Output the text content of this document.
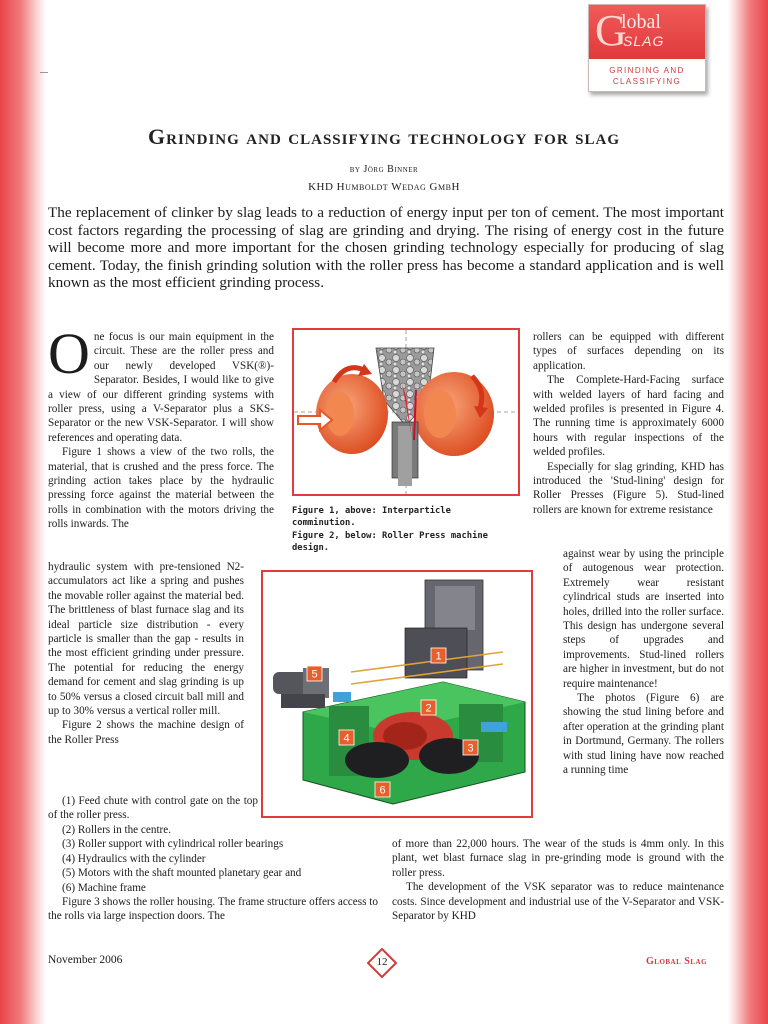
G
lobal
SLAG
GRINDING AND
CLASSIFYING
Grinding and classifying technology for slag
by Jörg Binner
KHD Humboldt Wedag GmbH
The replacement of clinker by slag leads to a reduction of energy input per ton of cement. The most important cost factors regarding the processing of slag are grinding and drying. The rising of energy cost in the future will become more and more important for the chosen grinding technology especially for producing of slag cement. Today, the finish grinding solution with the roller press has become a standard application and is well known as the most efficient grinding process.

One focus is our main equipment in the circuit. These are the roller press and our newly developed VSK(®)-Separator. Besides, I would like to give a view of our different grinding systems with roller press, using a V-Separator plus a SKS-Separator or the new VSK-Separator. I will show references and operating data.

Figure 1 shows a view of the two rolls, the material, that is crushed and the press force. The grinding action takes place by the hydraulic pressing force against the material between the rolls in combination with the motors driving the rolls inwards. The

hydraulic system with pre-tensioned N2-accumulators act like a spring and pushes the movable roller against the material bed. The brittleness of blast furnace slag and its ideal particle size distribution - every particle is smaller than the gap - results in the most efficient grinding under pressure. The potential for reducing the energy demand for cement and slag grinding is up to 50% versus a closed circuit ball mill and up to 30% versus a vertical roller mill.

Figure 2 shows the machine design of the Roller Press

(1) Feed chute with control gate on the top of the roller press.

(2) Rollers in the centre.

(3) Roller support with cylindrical roller bearings

(4) Hydraulics with the cylinder

(5) Motors with the shaft mounted planetary gear and

(6) Machine frame

Figure 3 shows the roller housing. The frame structure offers access to the rolls via large inspection doors. The

of more than 22,000 hours. The wear of the studs is 4mm only. In this plant, wet blast furnace slag in pre-grinding mode is ground with the roller press.

The development of the VSK separator was to reduce maintenance costs. Since development and industrial use of the V-Separator and VSK-Separator by KHD

rollers can be equipped with different types of surfaces depending on its application.

The Complete-Hard-Facing surface with welded layers of hard facing and welded profiles is presented in Figure 4. The running time is approximately 6000 hours with regular inspections of the welded profiles.

Especially for slag grinding, KHD has introduced the 'Stud-lining' design for Roller Presses (Figure 5). Stud-lined rollers are known for extreme resistance

against wear by using the principle of autogenous wear protection. Extremely wear resistant cylindrical studs are inserted into holes, drilled into the roller surface. This design has undergone several steps of upgrades and improvements. Stud-lined rollers are higher in investment, but do not require maintenance!

The photos (Figure 6) are showing the stud lining before and after operation at the grinding plant in Dortmund, Germany. The rollers with stud lining have now reached a running time

Figure 1, above: Interparticle comminution.

Figure 2, below: Roller Press machine design.

1
2
3
4
5
6
November 2006	12	Global Slag
